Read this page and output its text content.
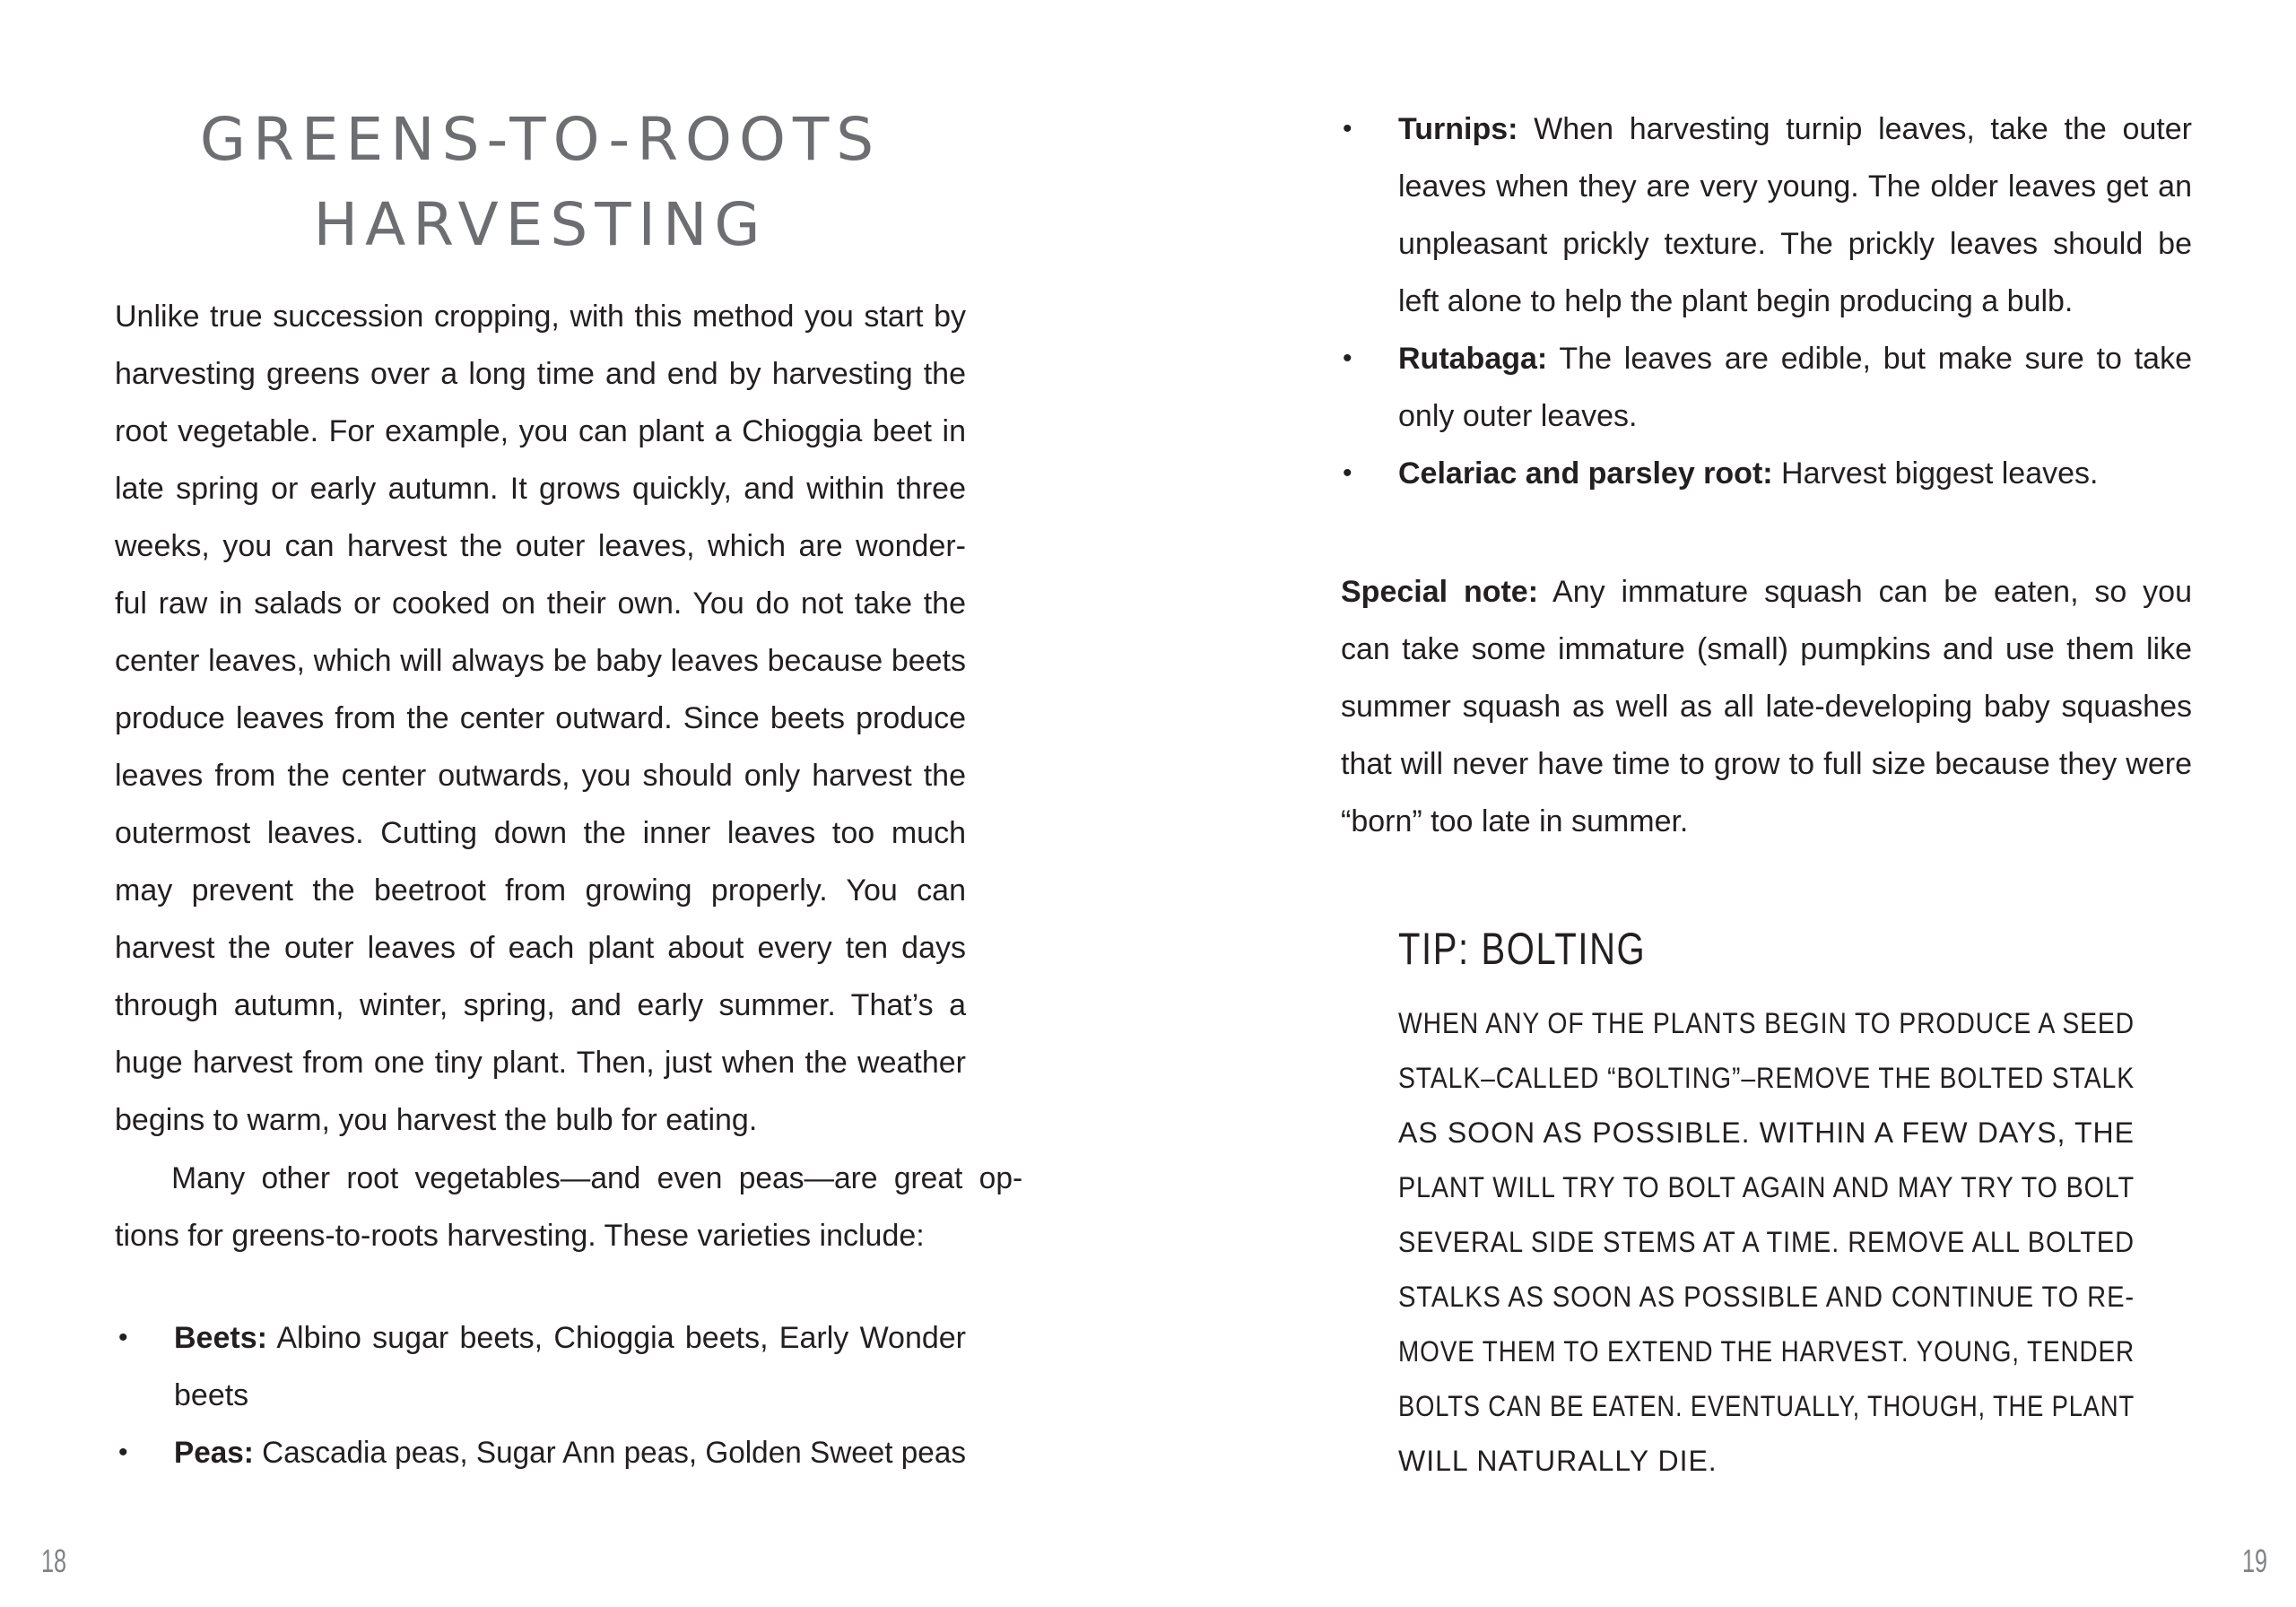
GREENS-TO-ROOTS
HARVESTING
Unlike true succession cropping, with this method you start by
harvesting greens over a long time and end by harvesting the
root vegetable. For example, you can plant a Chioggia beet in
late spring or early autumn. It grows quickly, and within three
weeks, you can harvest the outer leaves, which are wonder-
ful raw in salads or cooked on their own. You do not take the
center leaves, which will always be baby leaves because beets
produce leaves from the center outward. Since beets produce
leaves from the center outwards, you should only harvest the
outermost leaves. Cutting down the inner leaves too much
may prevent the beetroot from growing properly. You can
harvest the outer leaves of each plant about every ten days
through autumn, winter, spring, and early summer. That’s a
huge harvest from one tiny plant. Then, just when the weather
begins to warm, you harvest the bulb for eating.
Many other root vegetables—and even peas—are great op-
tions for greens-to-roots harvesting. These varieties include:
• Beets: Albino sugar beets, Chioggia beets, Early Wonder
beets
• Peas: Cascadia peas, Sugar Ann peas, Golden Sweet peas
• Turnips: When harvesting turnip leaves, take the outer
leaves when they are very young. The older leaves get an
unpleasant prickly texture. The prickly leaves should be
left alone to help the plant begin producing a bulb.
• Rutabaga: The leaves are edible, but make sure to take
only outer leaves.
• Celariac and parsley root: Harvest biggest leaves.
Special note: Any immature squash can be eaten, so you
can take some immature (small) pumpkins and use them like
summer squash as well as all late-developing baby squashes
that will never have time to grow to full size because they were
“born” too late in summer.
TIP: BOLTING
WHEN ANY OF THE PLANTS BEGIN TO PRODUCE A SEED
STALK–CALLED “BOLTING”–REMOVE THE BOLTED STALK
AS SOON AS POSSIBLE. WITHIN A FEW DAYS, THE
PLANT WILL TRY TO BOLT AGAIN AND MAY TRY TO BOLT
SEVERAL SIDE STEMS AT A TIME. REMOVE ALL BOLTED
STALKS AS SOON AS POSSIBLE AND CONTINUE TO RE-
MOVE THEM TO EXTEND THE HARVEST. YOUNG, TENDER
BOLTS CAN BE EATEN. EVENTUALLY, THOUGH, THE PLANT
WILL NATURALLY DIE.
18	19
